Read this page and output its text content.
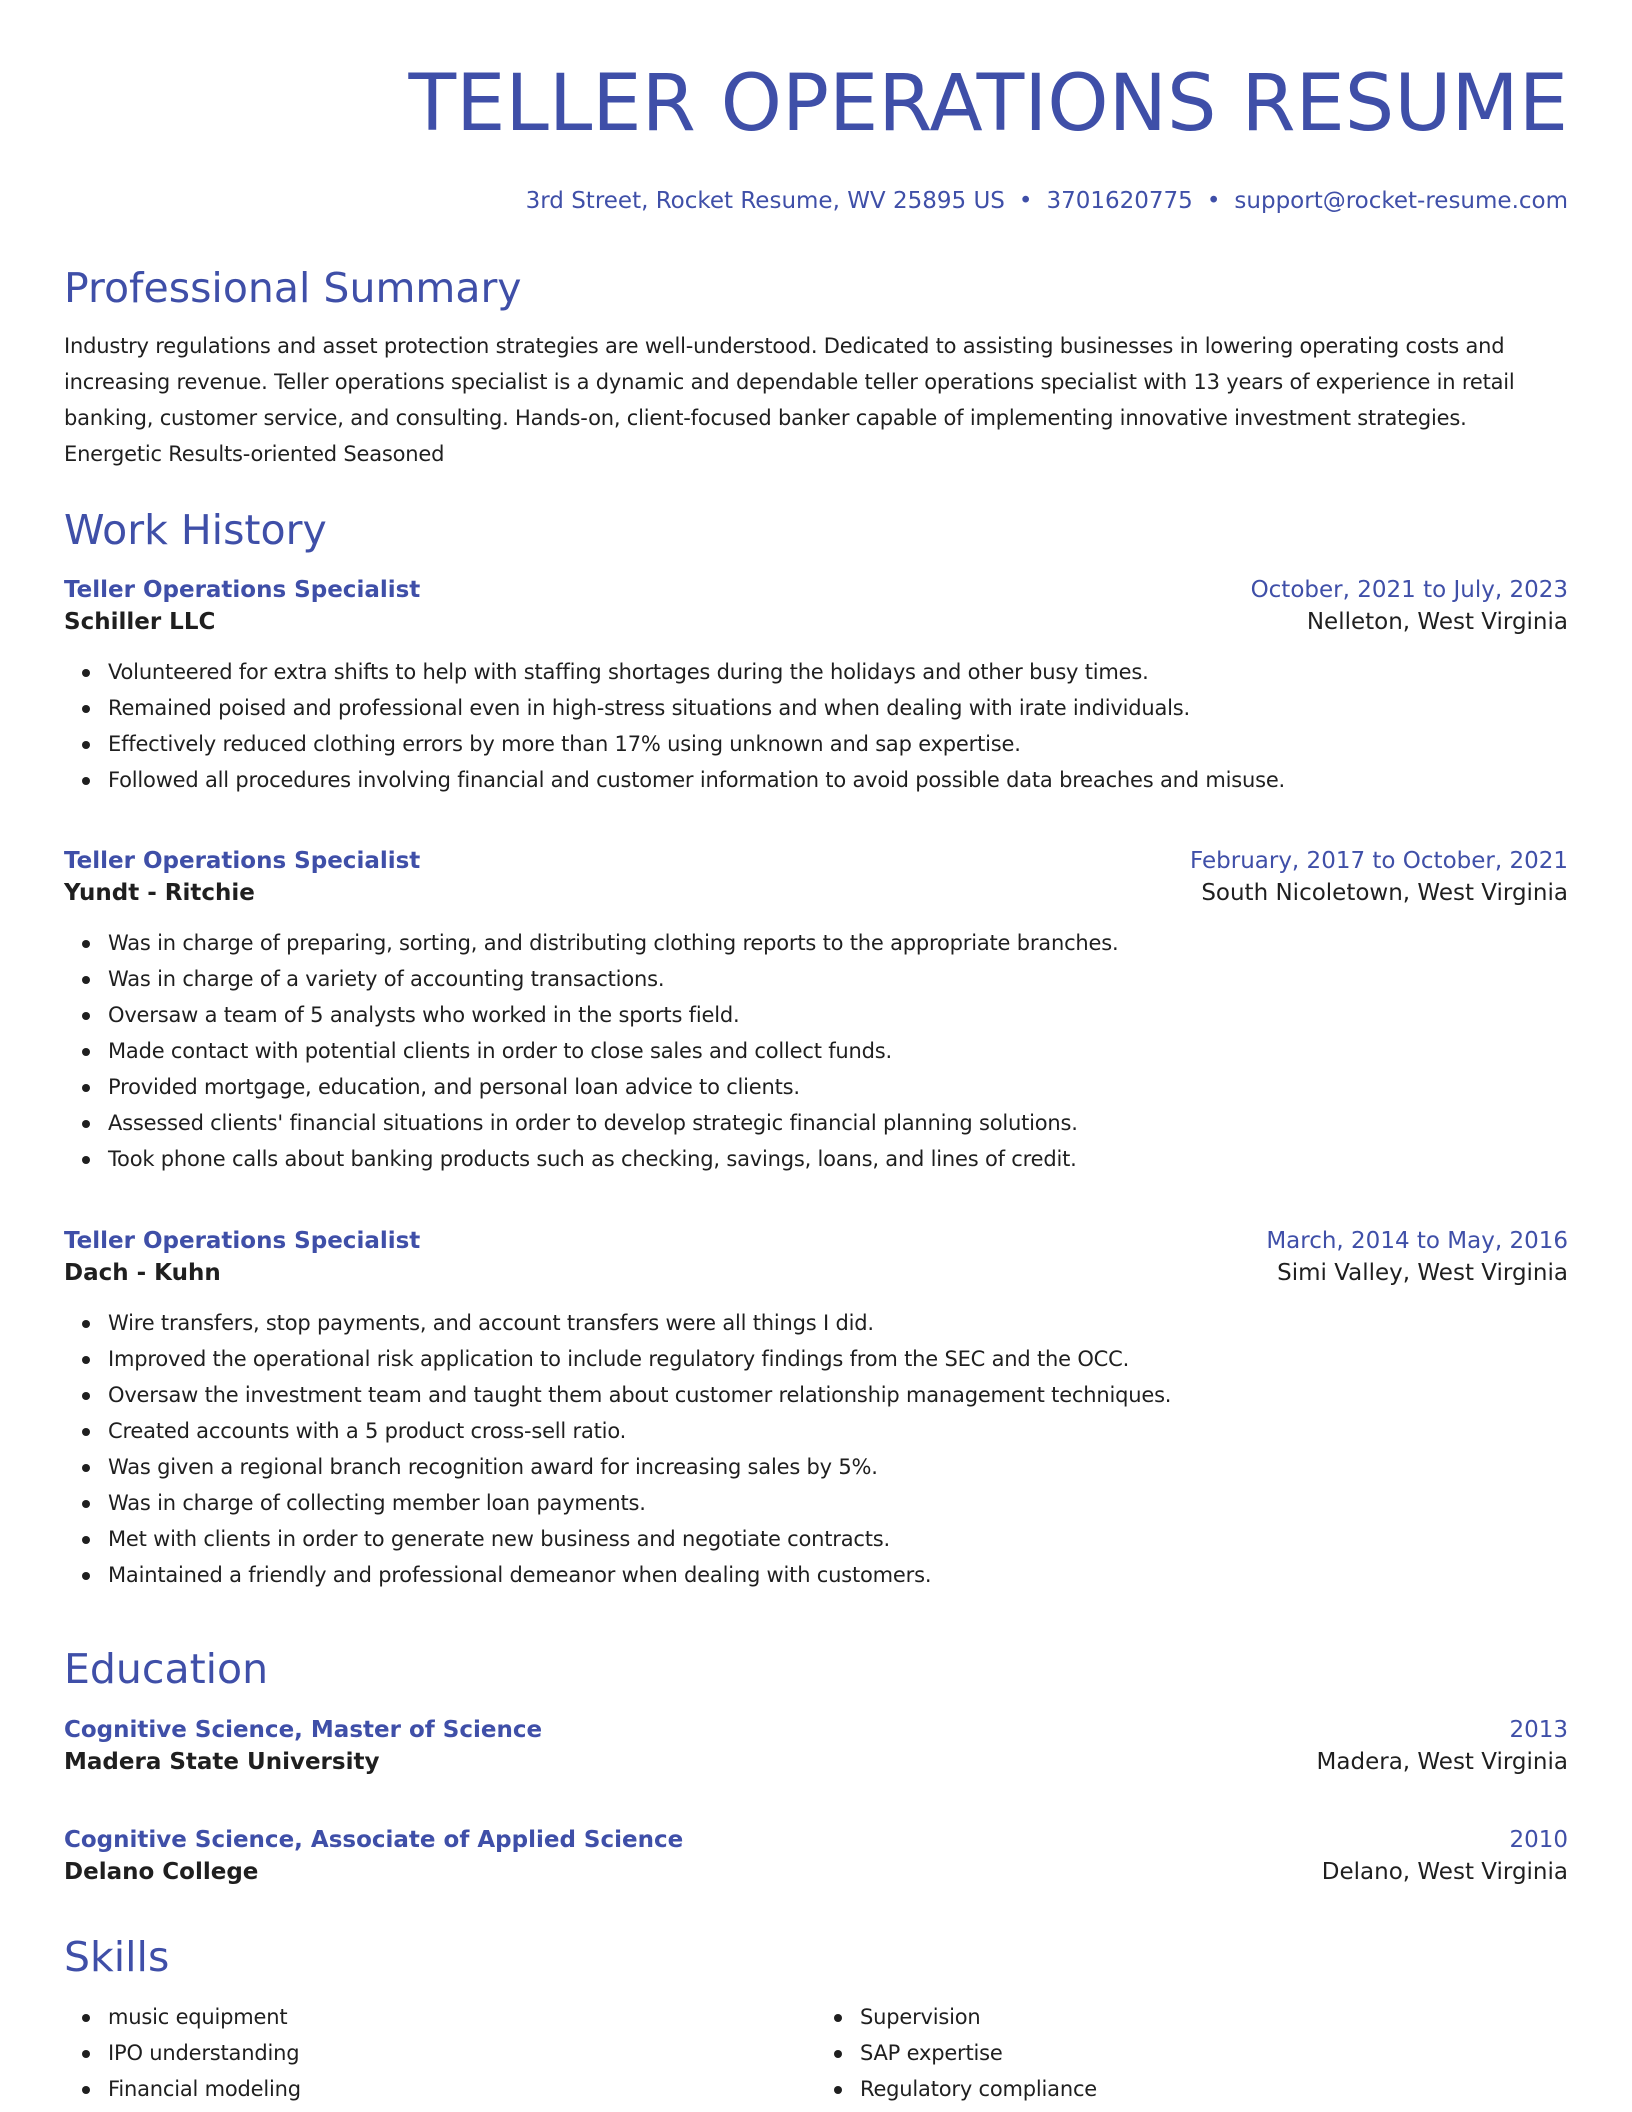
TELLER OPERATIONS RESUME
3rd Street, Rocket Resume, WV 25895 US • 3701620775 • support@rocket-resume.com
Professional Summary

Industry regulations and asset protection strategies are well-understood. Dedicated to assisting businesses in lowering operating costs and increasing revenue. Teller operations specialist is a dynamic and dependable teller operations specialist with 13 years of experience in retail banking, customer service, and consulting. Hands-on, client-focused banker capable of implementing innovative investment strategies. Energetic Results-oriented Seasoned

Work History
Teller Operations Specialist	October, 2021 to July, 2023
Schiller LLC	Nelleton, West Virginia
Volunteered for extra shifts to help with staffing shortages during the holidays and other busy times.
Remained poised and professional even in high-stress situations and when dealing with irate individuals.
Effectively reduced clothing errors by more than 17% using unknown and sap expertise.
Followed all procedures involving financial and customer information to avoid possible data breaches and misuse.
Teller Operations Specialist	February, 2017 to October, 2021
Yundt - Ritchie	South Nicoletown, West Virginia
Was in charge of preparing, sorting, and distributing clothing reports to the appropriate branches.
Was in charge of a variety of accounting transactions.
Oversaw a team of 5 analysts who worked in the sports field.
Made contact with potential clients in order to close sales and collect funds.
Provided mortgage, education, and personal loan advice to clients.
Assessed clients' financial situations in order to develop strategic financial planning solutions.
Took phone calls about banking products such as checking, savings, loans, and lines of credit.
Teller Operations Specialist	March, 2014 to May, 2016
Dach - Kuhn	Simi Valley, West Virginia
Wire transfers, stop payments, and account transfers were all things I did.
Improved the operational risk application to include regulatory findings from the SEC and the OCC.
Oversaw the investment team and taught them about customer relationship management techniques.
Created accounts with a 5 product cross-sell ratio.
Was given a regional branch recognition award for increasing sales by 5%.
Was in charge of collecting member loan payments.
Met with clients in order to generate new business and negotiate contracts.
Maintained a friendly and professional demeanor when dealing with customers.
Education
Cognitive Science, Master of Science	2013
Madera State University	Madera, West Virginia
Cognitive Science, Associate of Applied Science	2010
Delano College	Delano, West Virginia
Skills
music equipment
IPO understanding
Financial modeling
Supervision
SAP expertise
Regulatory compliance
